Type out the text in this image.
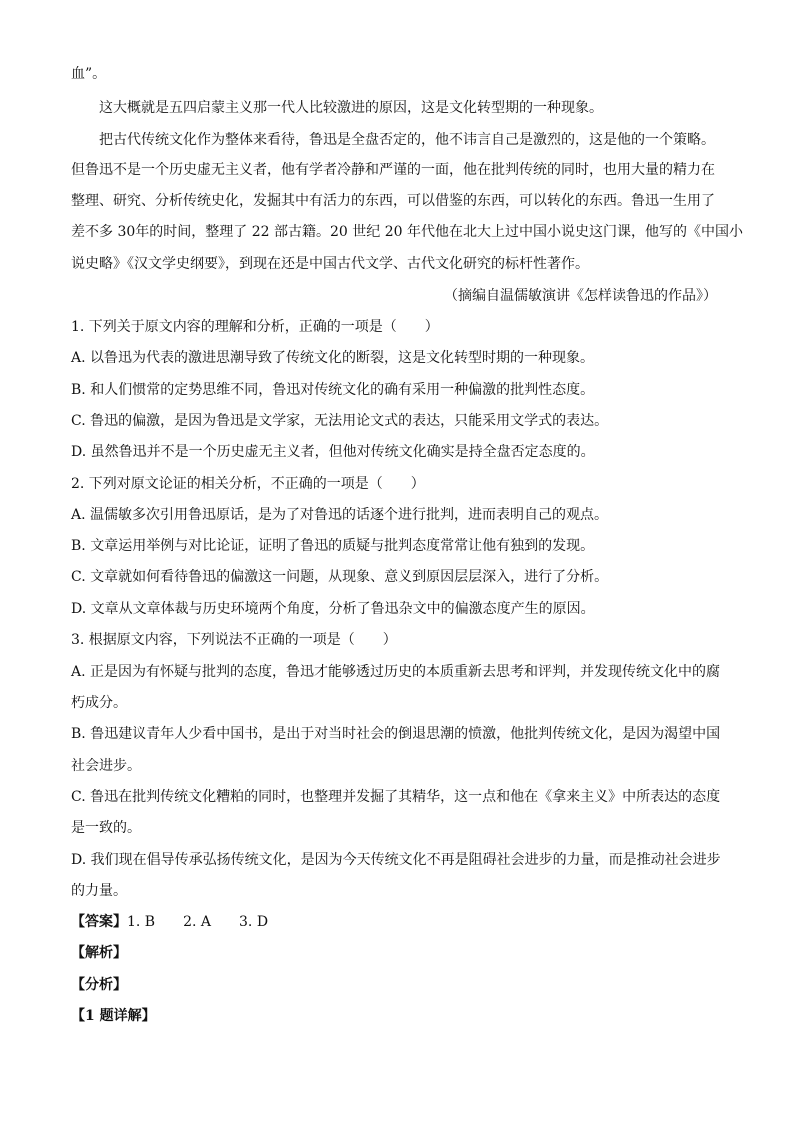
血”。
这大概就是五四启蒙主义那一代人比较激进的原因，这是文化转型期的一种现象。
把古代传统文化作为整体来看待，鲁迅是全盘否定的，他不讳言自己是激烈的，这是他的一个策略。
但鲁迅不是一个历史虚无主义者，他有学者冷静和严谨的一面，他在批判传统的同时，也用大量的精力在
整理、研究、分析传统史化，发掘其中有活力的东西，可以借鉴的东西，可以转化的东西。鲁迅一生用了
差不多 30年的时间，整理了 22 部古籍。20 世纪 20 年代他在北大上过中国小说史这门课，他写的《中国小
说史略》《汉文学史纲要》，到现在还是中国古代文学、古代文化研究的标杆性著作。
（摘编自温儒敏演讲《怎样读鲁迅的作品》）
1. 下列关于原文内容的理解和分析，正确的一项是（　　）
A. 以鲁迅为代表的激进思潮导致了传统文化的断裂，这是文化转型时期的一种现象。
B. 和人们惯常的定势思维不同，鲁迅对传统文化的确有采用一种偏激的批判性态度。
C. 鲁迅的偏激，是因为鲁迅是文学家，无法用论文式的表达，只能采用文学式的表达。
D. 虽然鲁迅并不是一个历史虚无主义者，但他对传统文化确实是持全盘否定态度的。
2. 下列对原文论证的相关分析，不正确的一项是（　　）
A. 温儒敏多次引用鲁迅原话，是为了对鲁迅的话逐个进行批判，进而表明自己的观点。
B. 文章运用举例与对比论证，证明了鲁迅的质疑与批判态度常常让他有独到的发现。
C. 文章就如何看待鲁迅的偏激这一问题，从现象、意义到原因层层深入，进行了分析。
D. 文章从文章体裁与历史环境两个角度，分析了鲁迅杂文中的偏激态度产生的原因。
3. 根据原文内容，下列说法不正确的一项是（　　）
A. 正是因为有怀疑与批判的态度，鲁迅才能够透过历史的本质重新去思考和评判，并发现传统文化中的腐
朽成分。
B. 鲁迅建议青年人少看中国书，是出于对当时社会的倒退思潮的愤激，他批判传统文化，是因为渴望中国
社会进步。
C. 鲁迅在批判传统文化糟粕的同时，也整理并发掘了其精华，这一点和他在《拿来主义》中所表达的态度
是一致的。
D. 我们现在倡导传承弘扬传统文化，是因为今天传统文化不再是阻碍社会进步的力量，而是推动社会进步
的力量。
【答案】1. B　　2. A　　3. D
【解析】
【分析】
【1 题详解】
